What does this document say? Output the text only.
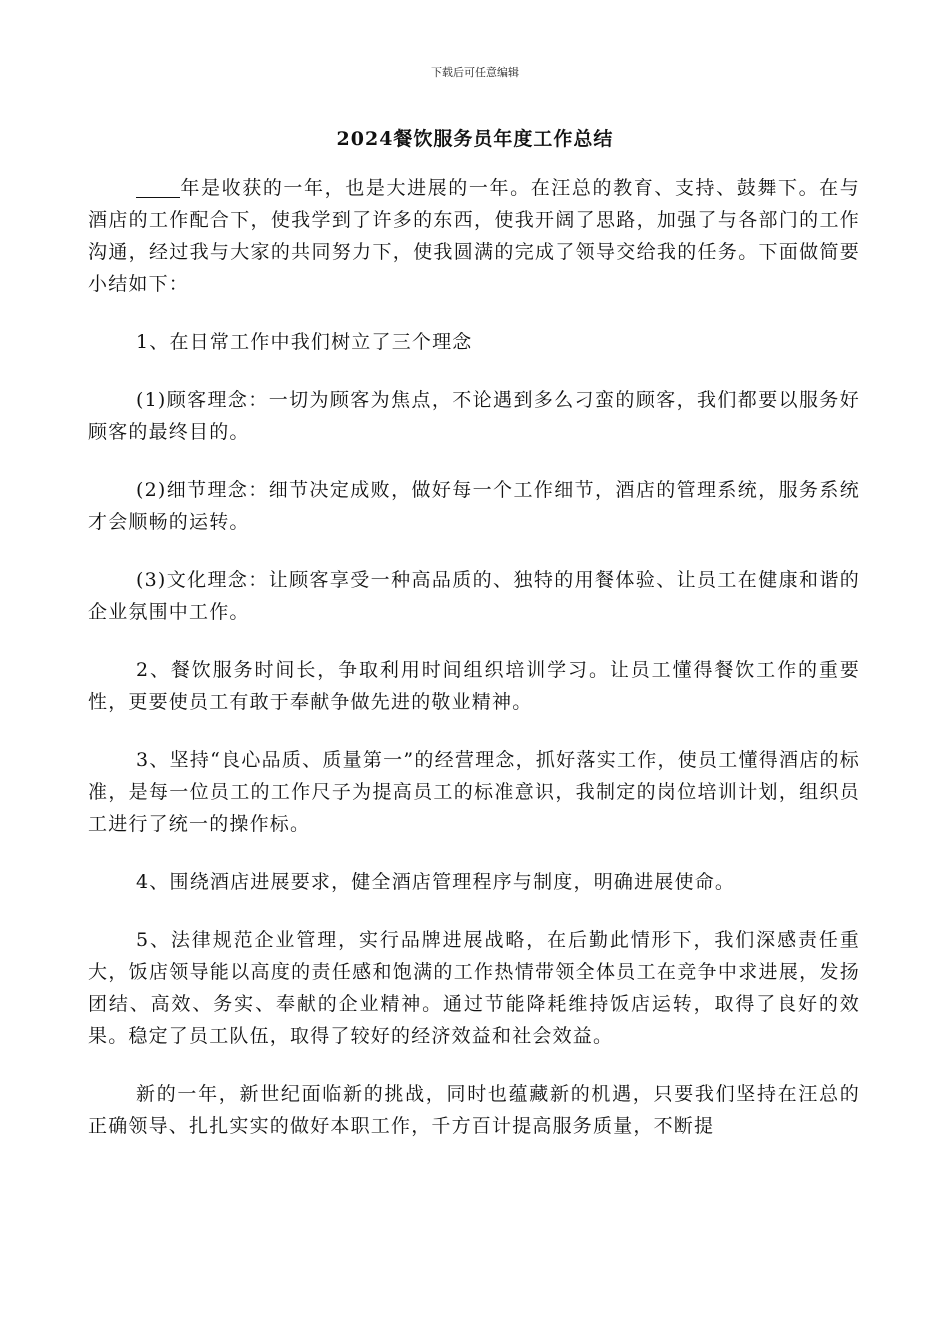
下载后可任意编辑
2024餐饮服务员年度工作总结

年是收获的一年，也是大进展的一年。在汪总的教育、支持、鼓舞下。在与酒店的工作配合下，使我学到了许多的东西，使我开阔了思路，加强了与各部门的工作沟通，经过我与大家的共同努力下，使我圆满的完成了领导交给我的任务。下面做简要小结如下：

1、在日常工作中我们树立了三个理念

(1)顾客理念：一切为顾客为焦点，不论遇到多么刁蛮的顾客，我们都要以服务好顾客的最终目的。

(2)细节理念：细节决定成败，做好每一个工作细节，酒店的管理系统，服务系统才会顺畅的运转。

(3)文化理念：让顾客享受一种高品质的、独特的用餐体验、让员工在健康和谐的企业氛围中工作。

2、餐饮服务时间长，争取利用时间组织培训学习。让员工懂得餐饮工作的重要性，更要使员工有敢于奉献争做先进的敬业精神。

3、坚持“良心品质、质量第一”的经营理念，抓好落实工作，使员工懂得酒店的标准，是每一位员工的工作尺子为提高员工的标准意识，我制定的岗位培训计划，组织员工进行了统一的操作标。

4、围绕酒店进展要求，健全酒店管理程序与制度，明确进展使命。

5、法律规范企业管理，实行品牌进展战略，在后勤此情形下，我们深感责任重大，饭店领导能以高度的责任感和饱满的工作热情带领全体员工在竞争中求进展，发扬团结、高效、务实、奉献的企业精神。通过节能降耗维持饭店运转，取得了良好的效果。稳定了员工队伍，取得了较好的经济效益和社会效益。

新的一年，新世纪面临新的挑战，同时也蕴藏新的机遇，只要我们坚持在汪总的正确领导、扎扎实实的做好本职工作，千方百计提高服务质量，不断提
